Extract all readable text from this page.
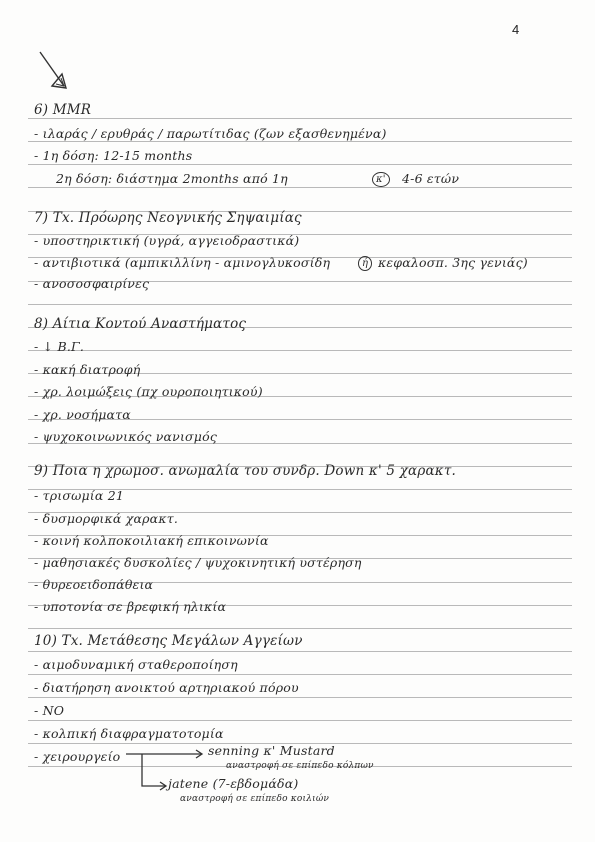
4
6) MMR
- ιλαράς / ερυθράς / παρωτίτιδας (ζων εξασθενημένα)
- 1η δόση: 12-15 months
2η δόση: διάστημα 2months από 1η	κ'	4-6 ετών
7) Tx. Πρόωρης Νεογνικής Σηψαιμίας
- υποστηρικτική (υγρά, αγγειοδραστικά)
- αντιβιοτικά (αμπικιλλίνη - αμινογλυκοσίδη	ή κεφαλοσπ. 3ης γενιάς)
- ανοσοσφαιρίνες
8) Αίτια Κοντού Αναστήματος
- ↓ Β.Γ.
- κακή διατροφή
- χρ. λοιμώξεις (πχ ουροποιητικού)
- χρ. νοσήματα
- ψυχοκοινωνικός νανισμός
9) Ποια η χρωμοσ. ανωμαλία του συνδρ. Down κ' 5 χαρακτ.
- τρισωμία 21
- δυσμορφικά χαρακτ.
- κοινή κολποκοιλιακή επικοινωνία
- μαθησιακές δυσκολίες / ψυχοκινητική υστέρηση
- θυρεοειδοπάθεια
- υποτονία σε βρεφική ηλικία
10) Tx. Μετάθεσης Μεγάλων Αγγείων
- αιμοδυναμική σταθεροποίηση
- διατήρηση ανοικτού αρτηριακού πόρου
- NO
- κολπική διαφραγματοτομία
- χειρουργείο	senning κ' Mustard
αναστροφή σε επίπεδο κόλπων
jatene (7-εβδομάδα)
αναστροφή σε επίπεδο κοιλιών
